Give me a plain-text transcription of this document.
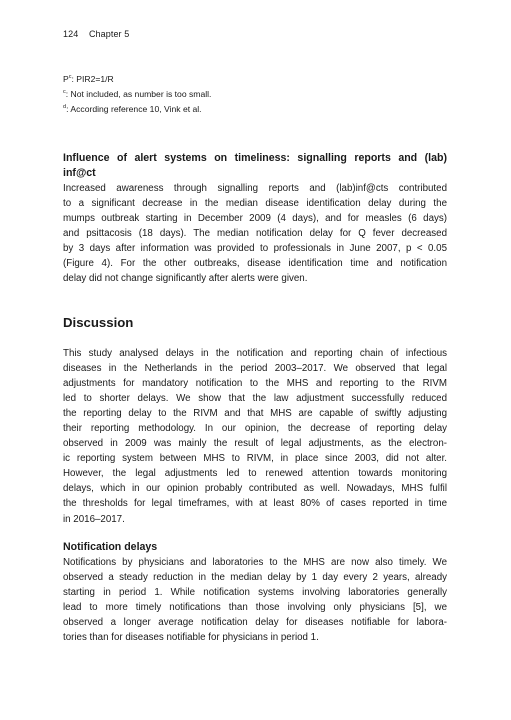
124 Chapter 5
$P^c$: PIR2=1/R
$^c$: Not included, as number is too small.
$^d$: According reference 10, Vink et al.
Influence of alert systems on timeliness: signalling reports and (lab)
inf@ct
Increased awareness through signalling reports and (lab)inf@cts contributed
to a significant decrease in the median disease identification delay during the
mumps outbreak starting in December 2009 (4 days), and for measles (6 days)
and psittacosis (18 days). The median notification delay for Q fever decreased
by 3 days after information was provided to professionals in June 2007, p < 0.05
(Figure 4). For the other outbreaks, disease identification time and notification
delay did not change significantly after alerts were given.
Discussion
This study analysed delays in the notification and reporting chain of infectious
diseases in the Netherlands in the period 2003–2017. We observed that legal
adjustments for mandatory notification to the MHS and reporting to the RIVM
led to shorter delays. We show that the law adjustment successfully reduced
the reporting delay to the RIVM and that MHS are capable of swiftly adjusting
their reporting methodology. In our opinion, the decrease of reporting delay
observed in 2009 was mainly the result of legal adjustments, as the electron-
ic reporting system between MHS to RIVM, in place since 2003, did not alter.
However, the legal adjustments led to renewed attention towards monitoring
delays, which in our opinion probably contributed as well. Nowadays, MHS fulfil
the thresholds for legal timeframes, with at least 80% of cases reported in time
in 2016–2017.
Notification delays
Notifications by physicians and laboratories to the MHS are now also timely. We
observed a steady reduction in the median delay by 1 day every 2 years, already
starting in period 1. While notification systems involving laboratories generally
lead to more timely notifications than those involving only physicians [5], we
observed a longer average notification delay for diseases notifiable for labora-
tories than for diseases notifiable for physicians in period 1.
